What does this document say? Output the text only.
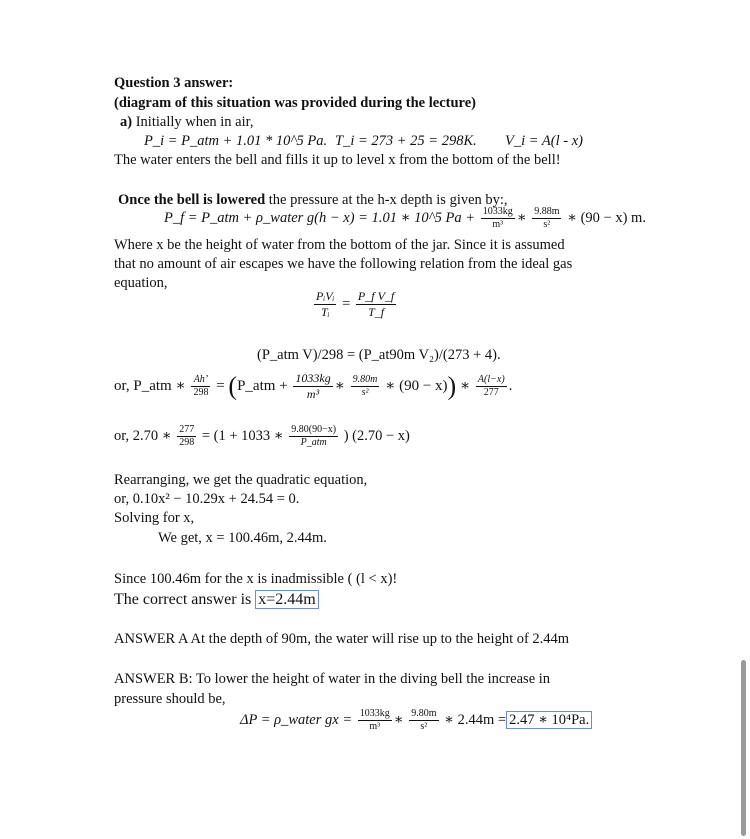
Question 3 answer:
(diagram of this situation was provided during the lecture)
a) Initially when in air,
P_i = P_atm + 1.01 * 10^5 Pa. T_i = 273 + 25 = 298K. V_i = A(l - x)
The water enters the bell and fills it up to level x from the bottom of the bell!
Once the bell is lowered the pressure at the h-x depth is given by:,
P_f = P_atm + ρ_water g(h − x) = 1.01 ∗ 10^5 $Pa + \frac{1033kg}{\text{m³}}$ ∗ $\frac{9.88m}{\text{s²}}$ ∗ (90 − x) m.
Where x be the height of water from the bottom of the jar. Since it is assumed
that no amount of air escapes we have the following relation from the ideal gas
equation,
$\frac{\text{PᵢVᵢ}}{\text{Tᵢ}} = \frac{\text{P\_f V\_f}}{T\_f}$
(P_atm V)/298 = (P_at90m V₂)/(273 + 4).
or, P_atm ∗ $\frac{Ah’}{298}$ = (P_atm + $\frac{1033kg}{\text{m³}}$ ∗ $\frac{9.80m}{\text{s²}}$ ∗ (90 − x)) ∗ $\frac{A(l-x)}{277}$ .
or, 2.70 ∗ $\frac{277}{298} = (1 + 1033$ ∗ $\frac{9.80(90-x)}{\text{P\_atm}}$ ) (2.70 − x)
Rearranging, we get the quadratic equation,
or, 0.10x² − 10.29x + 24.54 = 0.
Solving for x,
We get, x = 100.46m, 2.44m.
Since 100.46m for the x is inadmissible ( (l < x)!
The correct answer is x=2.44m
ANSWER A At the depth of 90m, the water will rise up to the height of 2.44m
ANSWER B: To lower the height of water in the diving bell the increase in
pressure should be,
ΔP = ρ_water gx = $\frac{1033kg}{\text{m³}}$ ∗ $\frac{9.80m}{\text{s²}}$ ∗ 2.44m = 2.47 ∗ 10⁴Pa.
